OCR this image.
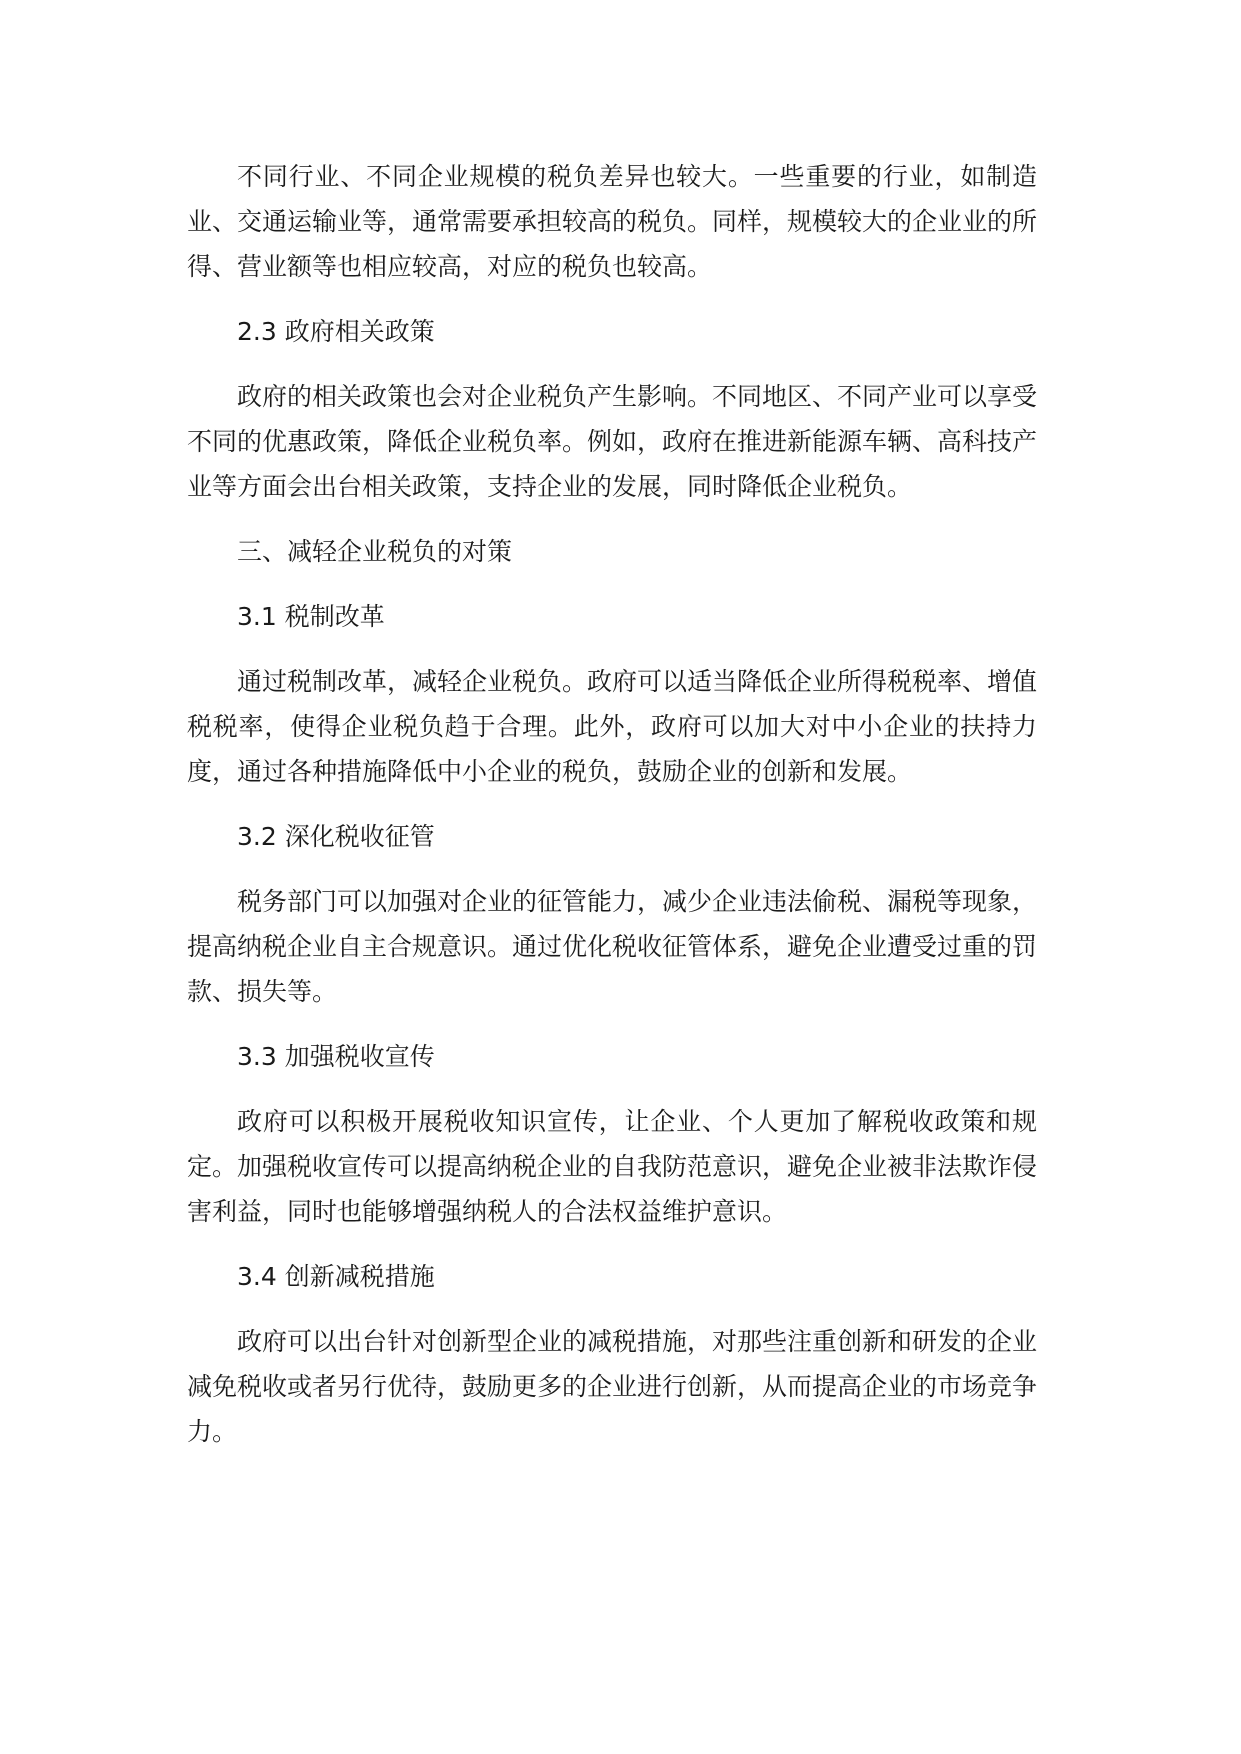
不同行业、不同企业规模的税负差异也较大。一些重要的行业，如制造业、交通运输业等，通常需要承担较高的税负。同样，规模较大的企业业的所得、营业额等也相应较高，对应的税负也较高。

2.3 政府相关政策

政府的相关政策也会对企业税负产生影响。不同地区、不同产业可以享受不同的优惠政策，降低企业税负率。例如，政府在推进新能源车辆、高科技产业等方面会出台相关政策，支持企业的发展，同时降低企业税负。

三、减轻企业税负的对策

3.1 税制改革

通过税制改革，减轻企业税负。政府可以适当降低企业所得税税率、增值税税率，使得企业税负趋于合理。此外，政府可以加大对中小企业的扶持力度，通过各种措施降低中小企业的税负，鼓励企业的创新和发展。

3.2 深化税收征管

税务部门可以加强对企业的征管能力，减少企业违法偷税、漏税等现象，提高纳税企业自主合规意识。通过优化税收征管体系，避免企业遭受过重的罚款、损失等。

3.3 加强税收宣传

政府可以积极开展税收知识宣传，让企业、个人更加了解税收政策和规定。加强税收宣传可以提高纳税企业的自我防范意识，避免企业被非法欺诈侵害利益，同时也能够增强纳税人的合法权益维护意识。

3.4 创新减税措施

政府可以出台针对创新型企业的减税措施，对那些注重创新和研发的企业减免税收或者另行优待，鼓励更多的企业进行创新，从而提高企业的市场竞争力。
